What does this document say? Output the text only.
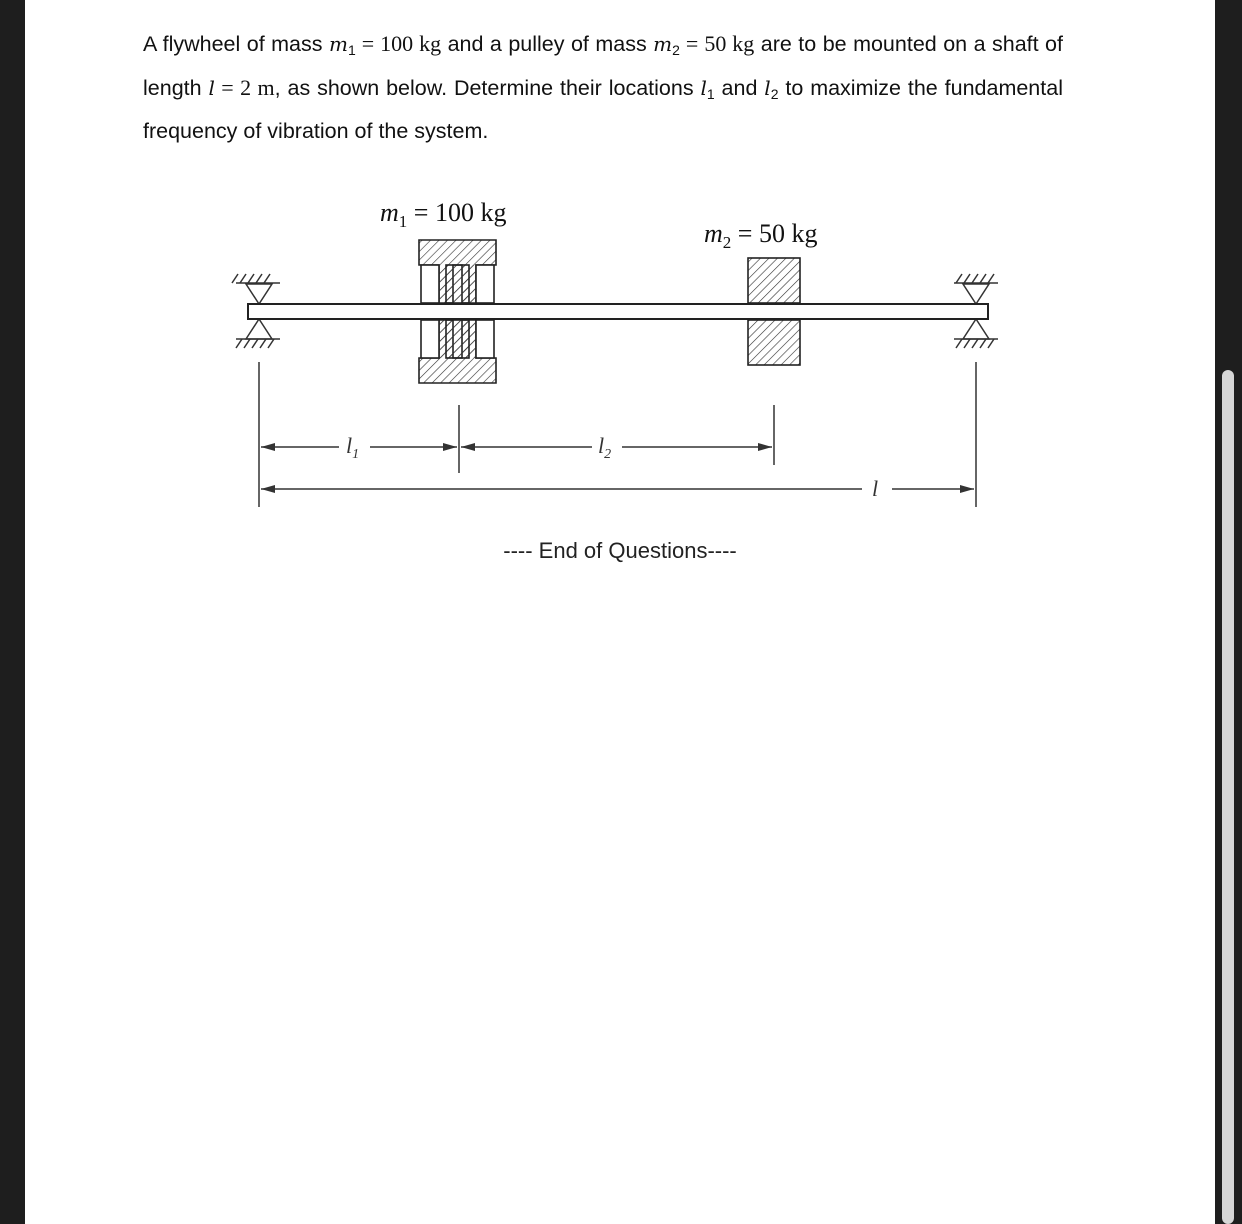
A flywheel of mass $m_1 = 100$ kg and a pulley of mass $m_2 = 50$ kg are to be mounted on a shaft of length l = 2 m, as shown below. Determine their locations $l_1$ and $l_2$ to maximize the fundamental frequency of vibration of the system.
$m_1 = 100$ kg
$m_2 = 50$ kg
$l_1$	$l_2$
l
---- End of Questions----
